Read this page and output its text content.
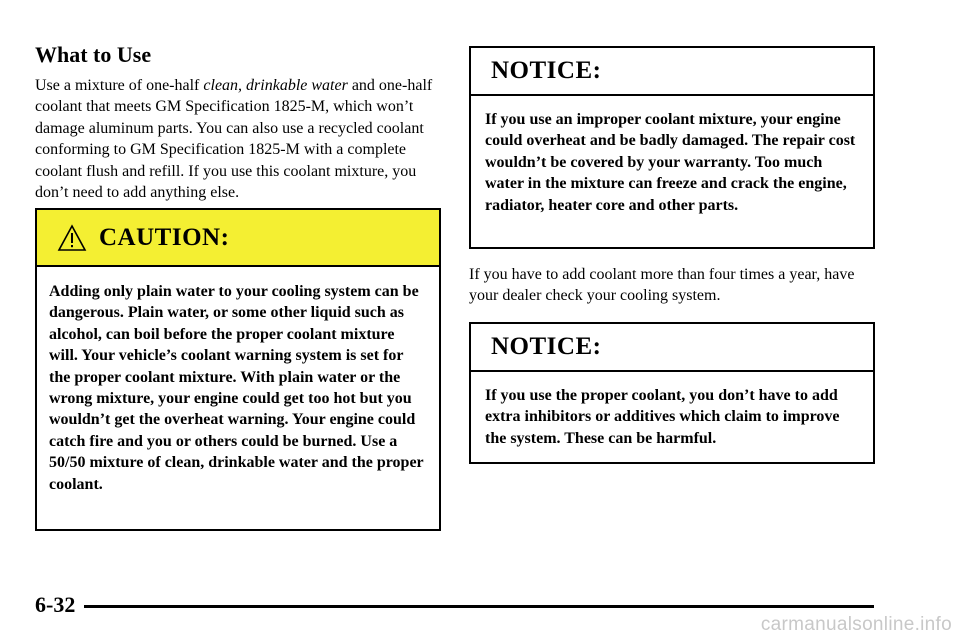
What to Use

Use a mixture of one-half clean, drinkable water and one-half coolant that meets GM Specification 1825-M, which won’t damage aluminum parts. You can also use a recycled coolant conforming to GM Specification 1825-M with a complete coolant flush and refill. If you use this coolant mixture, you don’t need to add anything else.

CAUTION:
Adding only plain water to your cooling system can be dangerous. Plain water, or some other liquid such as alcohol, can boil before the proper coolant mixture will. Your vehicle’s coolant warning system is set for the proper coolant mixture. With plain water or the wrong mixture, your engine could get too hot but you wouldn’t get the overheat warning. Your engine could catch fire and you or others could be burned. Use a 50/50 mixture of clean, drinkable water and the proper coolant.
NOTICE:
If you use an improper coolant mixture, your engine could overheat and be badly damaged. The repair cost wouldn’t be covered by your warranty. Too much water in the mixture can freeze and crack the engine, radiator, heater core and other parts.

If you have to add coolant more than four times a year, have your dealer check your cooling system.

NOTICE:
If you use the proper coolant, you don’t have to add extra inhibitors or additives which claim to improve the system. These can be harmful.
6-32
carmanualsonline.info
